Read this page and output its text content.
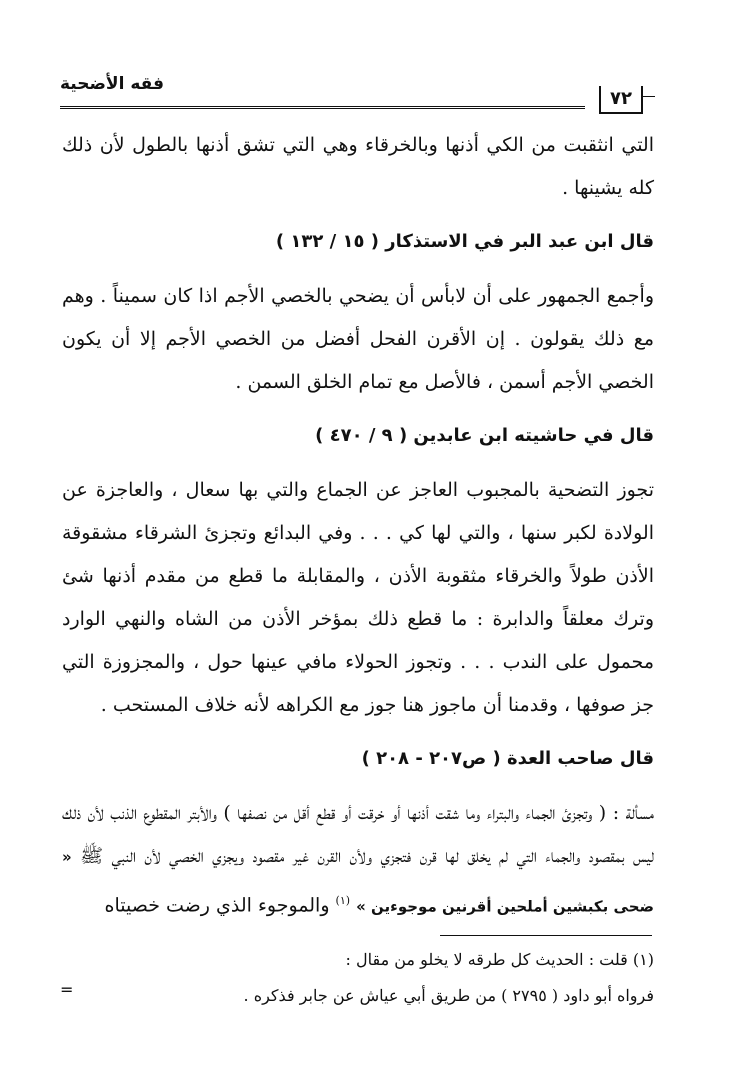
فقه الأضحية
٧٢

التي انثقبت من الكي أذنها وبالخرقاء وهي التي تشق أذنها بالطول لأن ذلك كله يشينها .

قال ابن عبد البر في الاستذكار ( ١٥ / ١٣٢ )

وأجمع الجمهور على أن لابأس أن يضحي بالخصي الأجم اذا كان سميناً . وهم مع ذلك يقولون . إن الأقرن الفحل أفضل من الخصي الأجم إلا أن يكون الخصي الأجم أسمن ، فالأصل مع تمام الخلق السمن .

قال في حاشيته ابن عابدين ( ٩ / ٤٧٠ )

تجوز التضحية بالمجبوب العاجز عن الجماع والتي بها سعال ، والعاجزة عن الولادة لكبر سنها ، والتي لها كي . . . وفي البدائع وتجزئ الشرقاء مشقوقة الأذن طولاً والخرقاء مثقوبة الأذن ، والمقابلة ما قطع من مقدم أذنها شئ وترك معلقاً والدابرة : ما قطع ذلك بمؤخر الأذن من الشاه والنهي الوارد محمول على الندب . . . وتجوز الحولاء مافي عينها حول ، والمجزوزة التي جز صوفها ، وقدمنا أن ماجوز هنا جوز مع الكراهه لأنه خلاف المستحب .

قال صاحب العدة ( ص٢٠٧ - ٢٠٨ )

مسألة : ( وتجزئ الجماء والبتراء وما شقت أذنها أو خرقت أو قطع أقل من نصفها ) والأبتر المقطوع الذنب لأن ذلك ليس بمقصود والجماء التي لم يخلق لها قرن فتجزي ولأن القرن غير مقصود ويجزي الخصي لأن النبي ﷺ « ضحى بكبشين أملحين أقرنين موجوءين » $^{(١)}$ والموجوء الذي رضت خصيتاه

(١) قلت : الحديث كل طرقه لا يخلو من مقال :

فرواه أبو داود ( ٢٧٩٥ ) من طريق أبي عياش عن جابر فذكره .

=
